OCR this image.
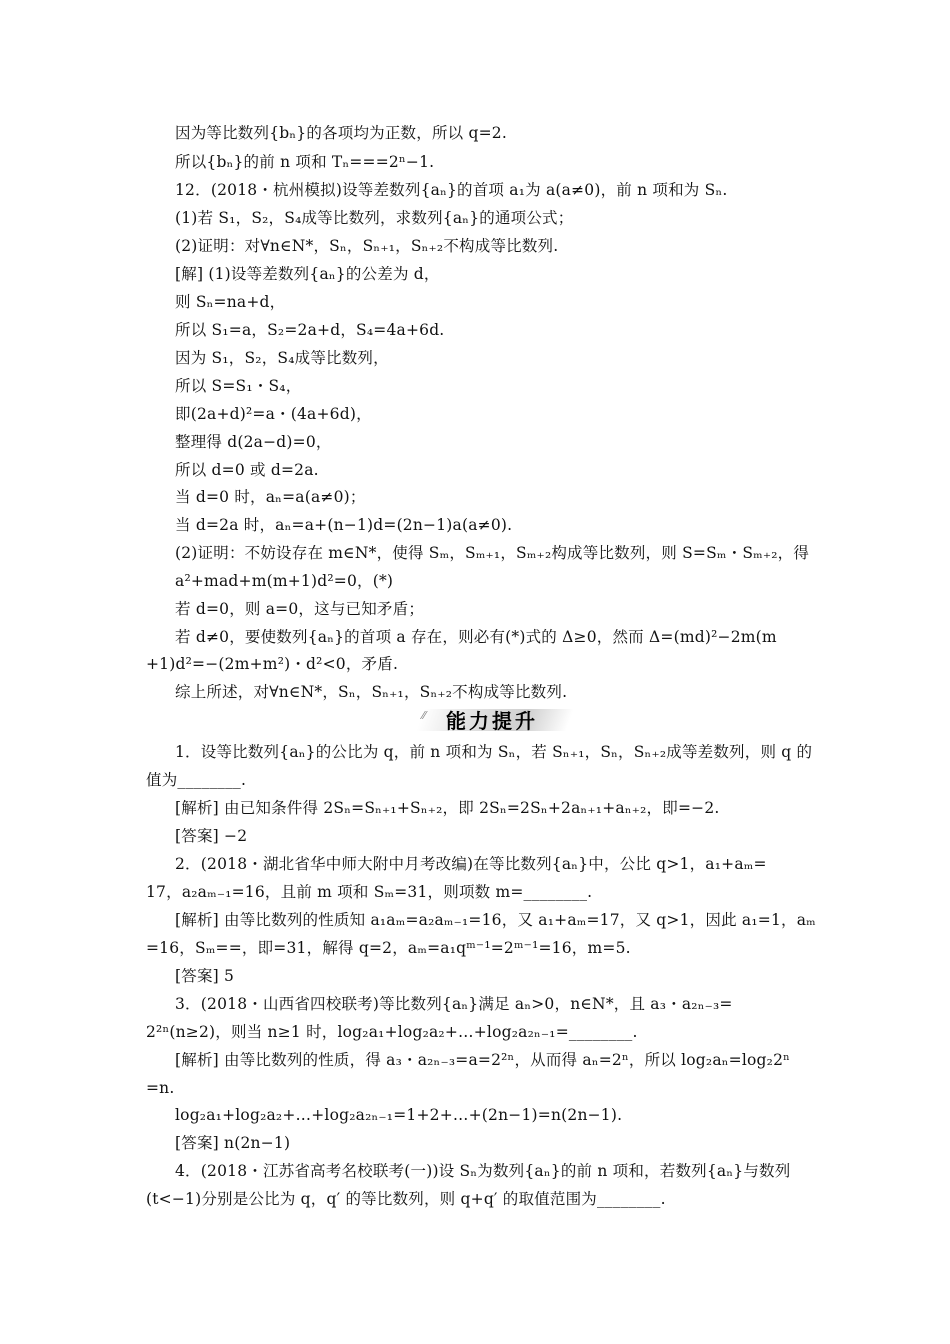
因为等比数列{bₙ}的各项均为正数，所以 q=2.
所以{bₙ}的前 n 项和 Tₙ===2ⁿ−1.
12．(2018・杭州模拟)设等差数列{aₙ}的首项 a₁为 a(a≠0)，前 n 项和为 Sₙ.
(1)若 S₁，S₂，S₄成等比数列，求数列{aₙ}的通项公式；
(2)证明：对∀n∈N*，Sₙ，Sₙ₊₁，Sₙ₊₂不构成等比数列.
[解] (1)设等差数列{aₙ}的公差为 d，
则 Sₙ=na+d，
所以 S₁=a，S₂=2a+d，S₄=4a+6d.
因为 S₁，S₂，S₄成等比数列，
所以 S=S₁・S₄，
即(2a+d)²=a・(4a+6d)，
整理得 d(2a−d)=0，
所以 d=0 或 d=2a.
当 d=0 时，aₙ=a(a≠0)；
当 d=2a 时，aₙ=a+(n−1)d=(2n−1)a(a≠0).
(2)证明：不妨设存在 m∈N*，使得 Sₘ，Sₘ₊₁，Sₘ₊₂构成等比数列，则 S=Sₘ・Sₘ₊₂，得
a²+mad+m(m+1)d²=0，(*)
若 d=0，则 a=0，这与已知矛盾；
若 d≠0，要使数列{aₙ}的首项 a 存在，则必有(*)式的 Δ≥0，然而 Δ=(md)²−2m(m
+1)d²=−(2m+m²)・d²<0，矛盾.
综上所述，对∀n∈N*，Sₙ，Sₙ₊₁，Sₙ₊₂不构成等比数列.
⁄⁄ 能力提升
1．设等比数列{aₙ}的公比为 q，前 n 项和为 Sₙ，若 Sₙ₊₁，Sₙ，Sₙ₊₂成等差数列，则 q 的
值为________.
[解析] 由已知条件得 2Sₙ=Sₙ₊₁+Sₙ₊₂，即 2Sₙ=2Sₙ+2aₙ₊₁+aₙ₊₂，即=−2.
[答案] −2
2．(2018・湖北省华中师大附中月考改编)在等比数列{aₙ}中，公比 q>1，a₁+aₘ=
17，a₂aₘ₋₁=16，且前 m 项和 Sₘ=31，则项数 m=________.
[解析] 由等比数列的性质知 a₁aₘ=a₂aₘ₋₁=16，又 a₁+aₘ=17，又 q>1，因此 a₁=1，aₘ
=16，Sₘ==，即=31，解得 q=2，aₘ=a₁qᵐ⁻¹=2ᵐ⁻¹=16，m=5.
[答案] 5
3．(2018・山西省四校联考)等比数列{aₙ}满足 aₙ>0，n∈N*，且 a₃・a₂ₙ₋₃=
2²ⁿ(n≥2)，则当 n≥1 时，log₂a₁+log₂a₂+…+log₂a₂ₙ₋₁=________.
[解析] 由等比数列的性质，得 a₃・a₂ₙ₋₃=a=2²ⁿ，从而得 aₙ=2ⁿ，所以 log₂aₙ=log₂2ⁿ
=n.
log₂a₁+log₂a₂+…+log₂a₂ₙ₋₁=1+2+…+(2n−1)=n(2n−1).
[答案] n(2n−1)
4．(2018・江苏省高考名校联考(一))设 Sₙ为数列{aₙ}的前 n 项和，若数列{aₙ}与数列
(t<−1)分别是公比为 q，q′ 的等比数列，则 q+q′ 的取值范围为________.
